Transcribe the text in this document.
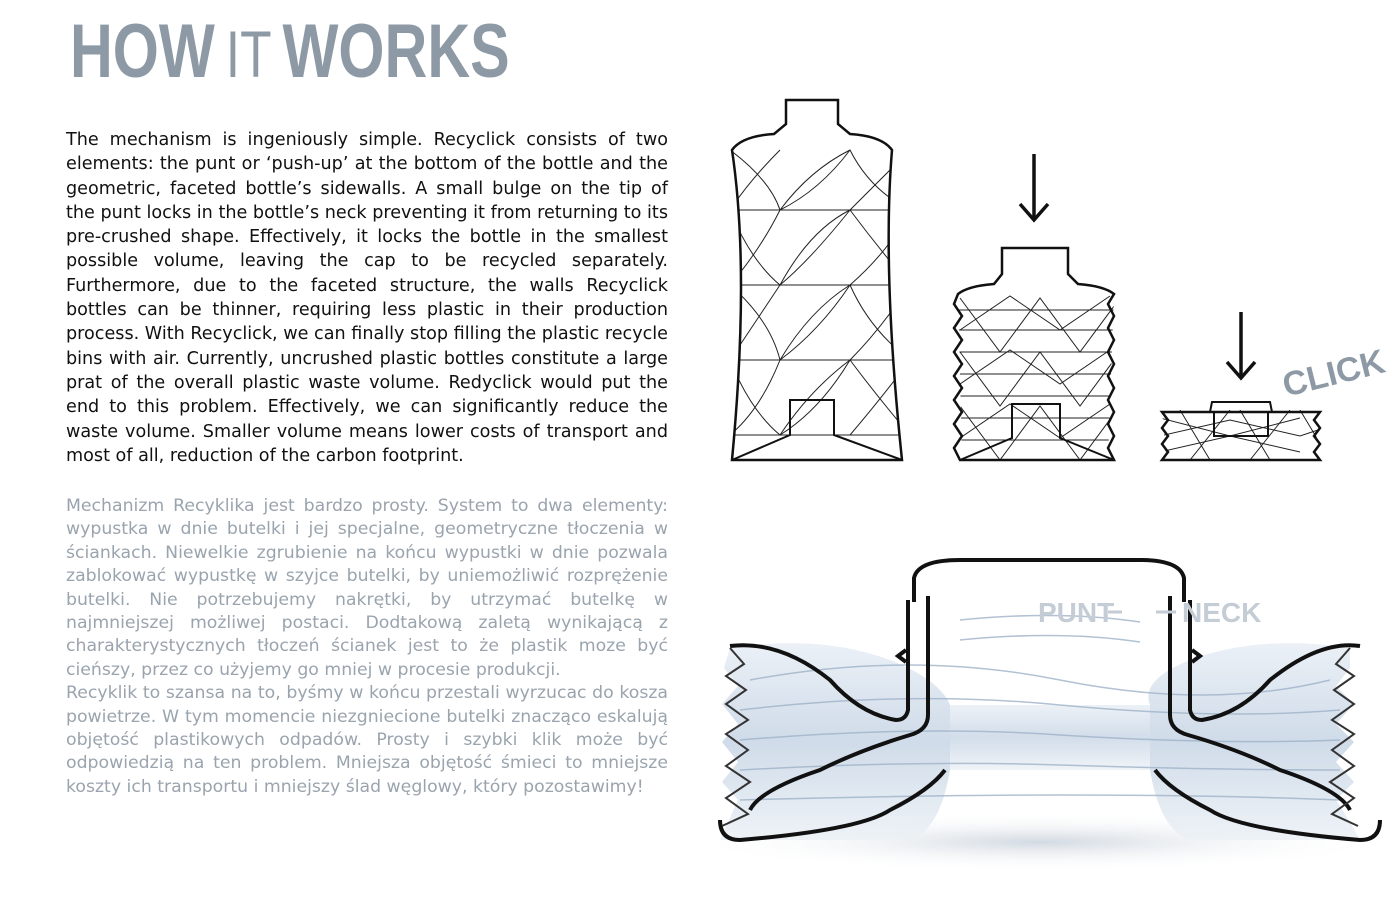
HOW IT WORKS

The mechanism is ingeniously simple. Recyclick consists of two elements: the punt or ‘push-up’ at the bottom of the bottle and the geometric, faceted bottle’s sidewalls. A small bulge on the tip of the punt locks in the bottle’s neck preventing it from returning to its pre-crushed shape. Effectively, it locks the bottle in the smallest possible volume, leaving the cap to be recycled separately. Furthermore, due to the faceted structure, the walls Recyclick bottles can be thinner, requiring less plastic in their production process. With Recyclick, we can finally stop filling the plastic recycle bins with air. Currently, uncrushed plastic bottles constitute a large prat of the overall plastic waste volume. Redyclick would put the end to this problem. Effectively, we can significantly reduce the waste volume. Smaller volume means lower costs of transport and most of all, reduction of the carbon footprint.

Mechanizm Recyklika jest bardzo prosty. System to dwa elementy: wypustka w dnie butelki i jej specjalne, geometryczne tłoczenia w ściankach. Niewelkie zgrubienie na końcu wypustki w dnie pozwala zablokować wypustkę w szyjce butelki, by uniemożliwić rozprężenie butelki. Nie potrzebujemy nakrętki, by utrzymać butelkę w najmniejszej możliwej postaci. Dodtakową zaletą wynikającą z charakterystycznych tłoczeń ścianek jest to że plastik moze być cieńszy, przez co użyjemy go mniej w procesie produkcji.
Recyklik to szansa na to, byśmy w końcu przestali wyrzucac do kosza powietrze. W tym momencie niezgniecione butelki znacząco eskalują objętość plastikowych odpadów. Prosty i szybki klik może być odpowiedzią na ten problem. Mniejsza objętość śmieci to mniejsze koszty ich transportu i mniejszy ślad węglowy, który pozostawimy!
CLICK
PUNT NECK
